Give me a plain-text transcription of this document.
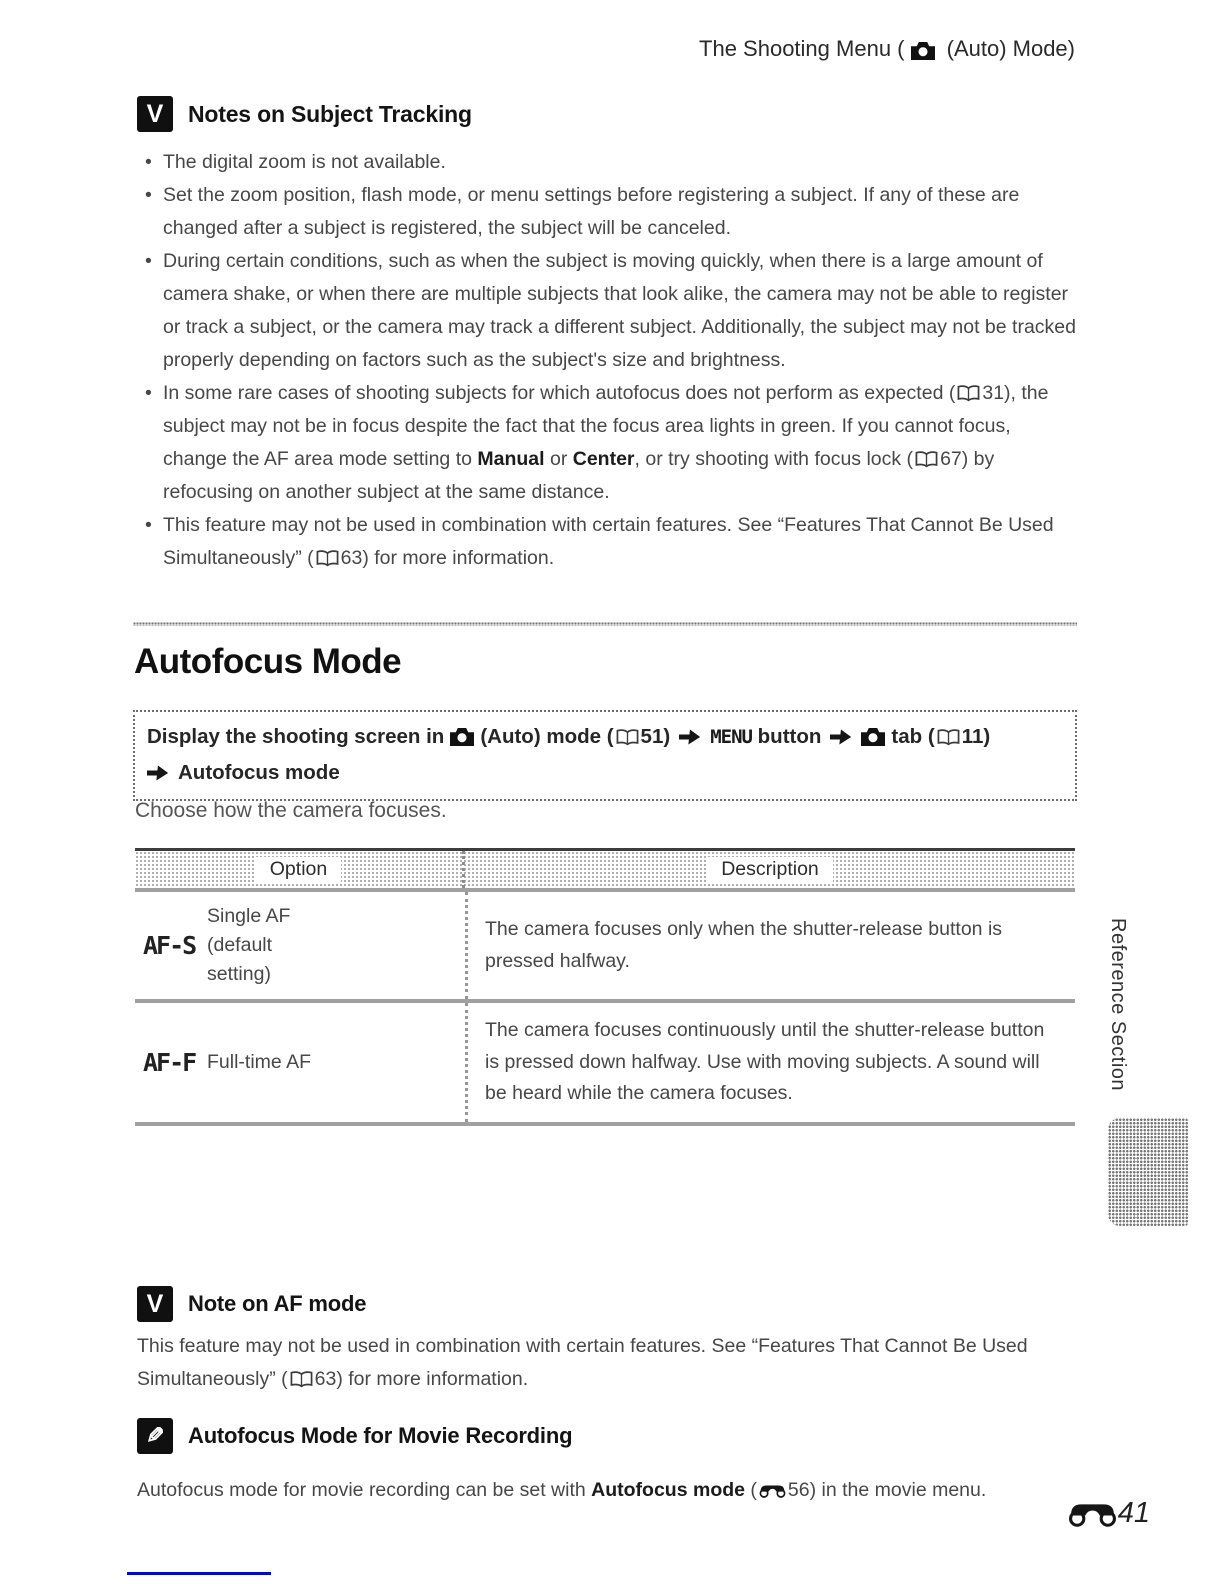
The Shooting Menu ( (Auto) Mode)
V Notes on Subject Tracking
• The digital zoom is not available.
• Set the zoom position, flash mode, or menu settings before registering a subject. If any of these are changed after a subject is registered, the subject will be canceled.
• During certain conditions, such as when the subject is moving quickly, when there is a large amount of camera shake, or when there are multiple subjects that look alike, the camera may not be able to register or track a subject, or the camera may track a different subject. Additionally, the subject may not be tracked properly depending on factors such as the subject's size and brightness.
• In some rare cases of shooting subjects for which autofocus does not perform as expected ( 31), the subject may not be in focus despite the fact that the focus area lights in green. If you cannot focus, change the AF area mode setting to Manual or Center, or try shooting with focus lock ( 67) by refocusing on another subject at the same distance.
• This feature may not be used in combination with certain features. See “Features That Cannot Be Used Simultaneously” ( 63) for more information.
Autofocus Mode
Display the shooting screen in (Auto) mode ( 51) MENU button	tab ( 11)
Autofocus mode
Choose how the camera focuses.
Option	Description
AF-S
Single AF (default setting)
The camera focuses only when the shutter-release button is pressed halfway.
AF-F Full-time AF
The camera focuses continuously until the shutter-release button is pressed down halfway. Use with moving subjects. A sound will be heard while the camera focuses.
Reference Section
V Note on AF mode
This feature may not be used in combination with certain features. See “Features That Cannot Be Used Simultaneously” ( 63) for more information.
✎ Autofocus Mode for Movie Recording
Autofocus mode for movie recording can be set with Autofocus mode ( 56) in the movie menu.
41
